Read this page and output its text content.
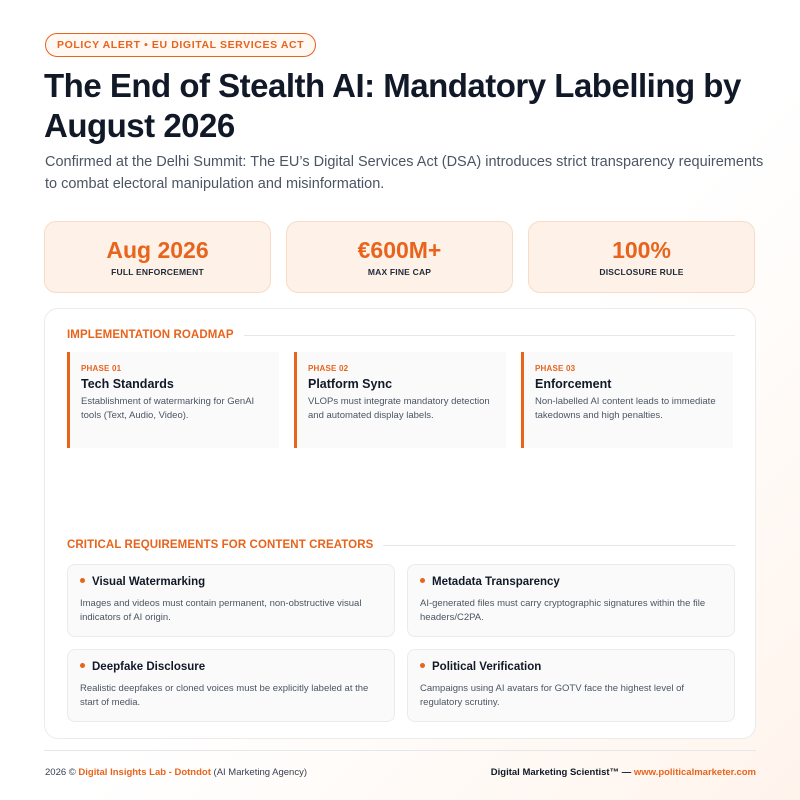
POLICY ALERT • EU DIGITAL SERVICES ACT
The End of Stealth AI: Mandatory Labelling by August 2026

Confirmed at the Delhi Summit: The EU’s Digital Services Act (DSA) introduces strict transparency requirements to combat electoral manipulation and misinformation.

Aug 2026
FULL ENFORCEMENT
€600M+
MAX FINE CAP
100%
DISCLOSURE RULE
IMPLEMENTATION ROADMAP
PHASE 01
Tech Standards
Establishment of watermarking for GenAI tools (Text, Audio, Video).
PHASE 02
Platform Sync
VLOPs must integrate mandatory detection and automated display labels.
PHASE 03
Enforcement
Non-labelled AI content leads to immediate takedowns and high penalties.
CRITICAL REQUIREMENTS FOR CONTENT CREATORS
Visual Watermarking
Images and videos must contain permanent, non-obstructive visual indicators of AI origin.
Metadata Transparency
AI-generated files must carry cryptographic signatures within the file headers/C2PA.
Deepfake Disclosure
Realistic deepfakes or cloned voices must be explicitly labeled at the start of media.
Political Verification
Campaigns using AI avatars for GOTV face the highest level of regulatory scrutiny.
2026 © Digital Insights Lab - Dotndot (AI Marketing Agency)	Digital Marketing Scientist™ — www.politicalmarketer.com
